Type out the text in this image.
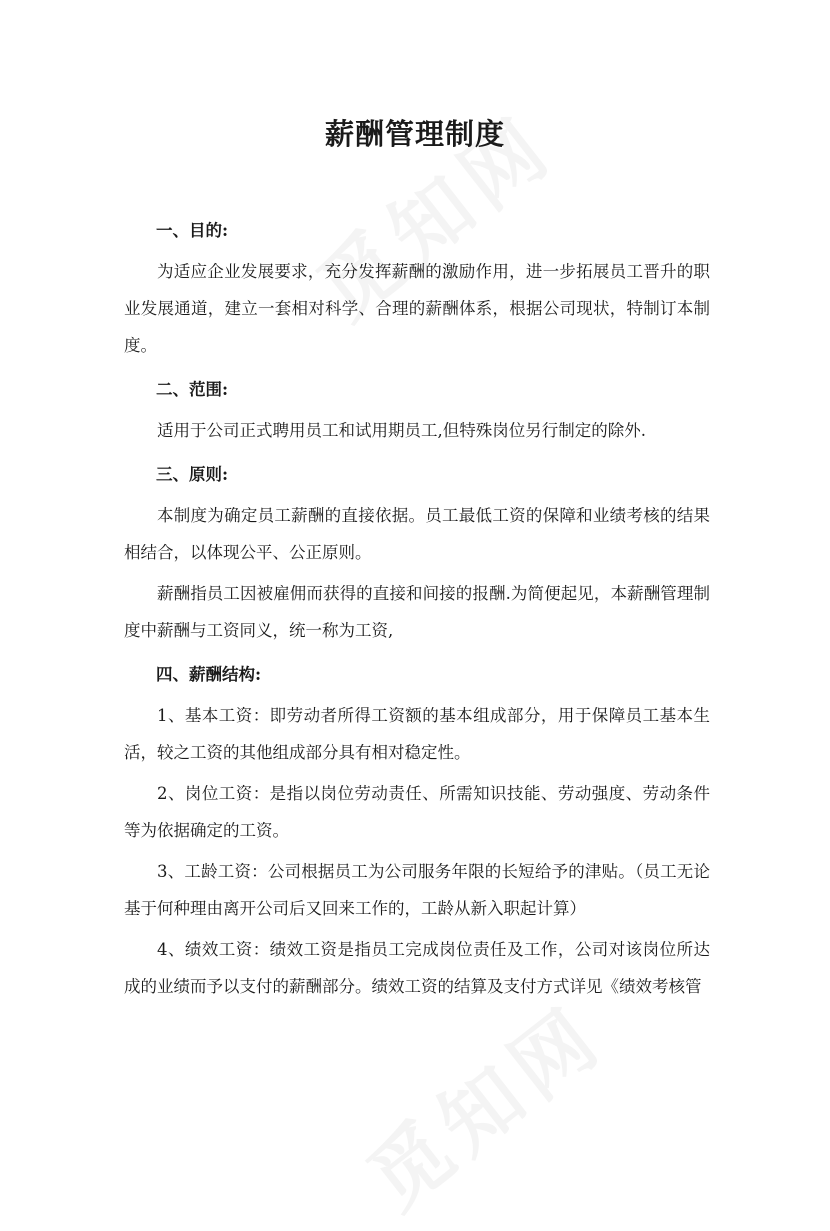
薪酬管理制度
一、目的:

为适应企业发展要求，充分发挥薪酬的激励作用，进一步拓展员工晋升的职业发展通道，建立一套相对科学、合理的薪酬体系，根据公司现状，特制订本制度。

二、范围:

适用于公司正式聘用员工和试用期员工,但特殊岗位另行制定的除外.

三、原则:

本制度为确定员工薪酬的直接依据。员工最低工资的保障和业绩考核的结果相结合，以体现公平、公正原则。

薪酬指员工因被雇佣而获得的直接和间接的报酬.为简便起见，本薪酬管理制度中薪酬与工资同义，统一称为工资,

四、薪酬结构:

1、基本工资：即劳动者所得工资额的基本组成部分，用于保障员工基本生活，较之工资的其他组成部分具有相对稳定性。

2、岗位工资：是指以岗位劳动责任、所需知识技能、劳动强度、劳动条件等为依据确定的工资。

3、工龄工资：公司根据员工为公司服务年限的长短给予的津贴。（员工无论基于何种理由离开公司后又回来工作的，工龄从新入职起计算）

4、绩效工资：绩效工资是指员工完成岗位责任及工作，公司对该岗位所达成的业绩而予以支付的薪酬部分。绩效工资的结算及支付方式详见《绩效考核管
